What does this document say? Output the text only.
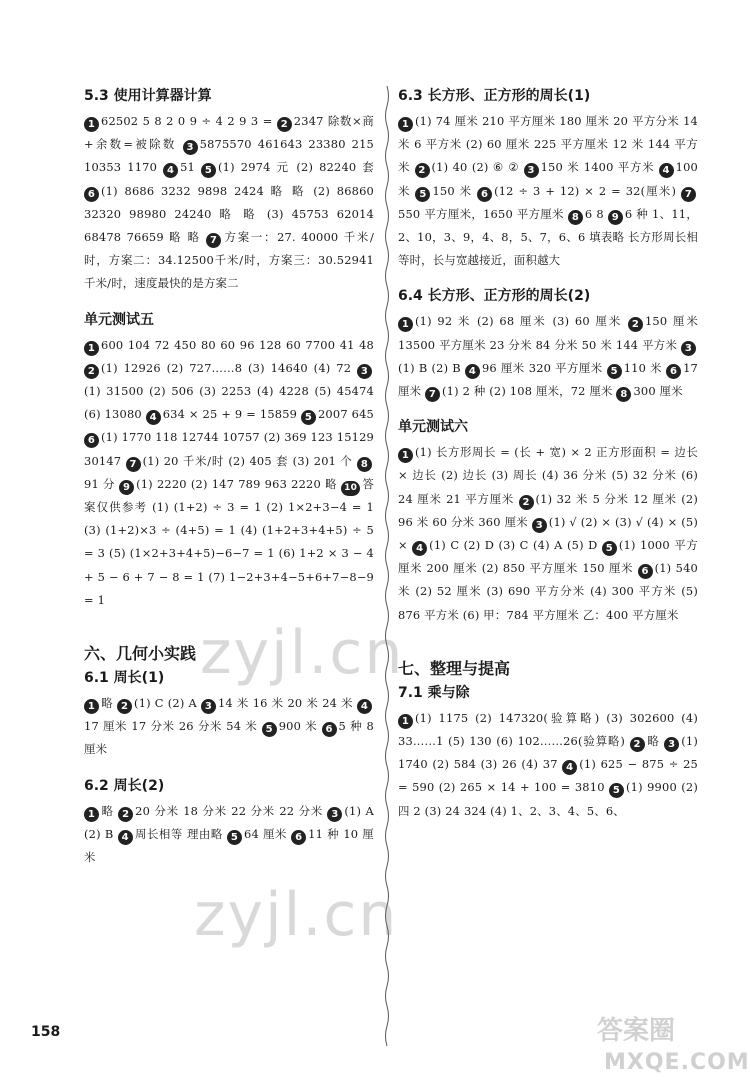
5.3 使用计算器计算
1 62502 5 8 2 0 9 ÷ 4 2 9 3 = 2 2347 除数×商+余数=被除数 3 5875570 461643 23380 215 10353 1170 4 51 5 (1) 2974 元 (2) 82240 套 6 (1) 8686 3232 9898 2424 略 略 (2) 86860 32320 98980 24240 略 略 (3) 45753 62014 68478 76659 略 略 7 方案一：27. 40000 千米/时，方案二：34.12500千米/时，方案三：30.52941 千米/时，速度最快的是方案二
单元测试五
1 600 104 72 450 80 60 96 128 60 7700 41 48 2 (1) 12926 (2) 727……8 (3) 14640 (4) 72 3(1) 31500 (2) 506 (3) 2253 (4) 4228 (5) 45474 (6) 13080 4 634 × 25 + 9 = 15859 5 2007 645 6 (1) 1770 118 12744 10757 (2) 369 123 15129 30147 7 (1) 20 千米/时 (2) 405 套 (3) 201 个 891 分 9 (1) 2220 (2) 147 789 963 2220 略 10 答案仅供参考 (1) (1+2) ÷ 3 = 1 (2) 1×2+3−4 = 1 (3) (1+2)×3 ÷ (4+5) = 1 (4) (1+2+3+4+5) ÷ 5 = 3 (5) (1×2+3+4+5)−6−7 = 1 (6) 1+2 × 3 − 4 + 5 − 6 + 7 − 8 = 1 (7) 1−2+3+4−5+6+7−8−9 = 1
六、几何小实践
6.1 周长(1)
1 略 2 (1) C (2) A 3 14 米 16 米 20 米 24 米 417 厘米 17 分米 26 分米 54 米 5 900 米 6 5 种 8 厘米
6.2 周长(2)
1 略 2 20 分米 18 分米 22 分米 22 分米 3 (1) A (2) B 4 周长相等 理由略 5 64 厘米 6 11 种 10 厘米
6.3 长方形、正方形的周长(1)
1 (1) 74 厘米 210 平方厘米 180 厘米 20 平方分米 14 米 6 平方米 (2) 60 厘米 225 平方厘米 12 米 144 平方米 2 (1) 40 (2) ⑥ ② 3 150 米 1400 平方米 4 100 米 5 150 米 6 (12 ÷ 3 + 12) × 2 = 32(厘米) 7550 平方厘米，1650 平方厘米 8 6 8 9 6 种 1、11，2、10，3、9，4、8，5、7，6、6 填表略 长方形周长相等时，长与宽越接近，面积越大
6.4 长方形、正方形的周长(2)
1 (1) 92 米 (2) 68 厘米 (3) 60 厘米 2 150 厘米 13500 平方厘米 23 分米 84 分米 50 米 144 平方米 3(1) B (2) B 4 96 厘米 320 平方厘米 5 110 米 6 17 厘米 7 (1) 2 种 (2) 108 厘米，72 厘米 8 300 厘米
单元测试六
1 (1) 长方形周长 = (长 + 宽) × 2 正方形面积 = 边长 × 边长 (2) 边长 (3) 周长 (4) 36 分米 (5) 32 分米 (6) 24 厘米 21 平方厘米 2 (1) 32 米 5 分米 12 厘米 (2) 96 米 60 分米 360 厘米 3 (1) √ (2) × (3) √ (4) × (5) × 4 (1) C (2) D (3) C (4) A (5) D 5 (1) 1000 平方厘米 200 厘米 (2) 850 平方厘米 150 厘米 6 (1) 540 米 (2) 52 厘米 (3) 690 平方分米 (4) 300 平方米 (5) 876 平方米 (6) 甲：784 平方厘米 乙：400 平方厘米
七、整理与提高
7.1 乘与除
1 (1) 1175 (2) 147320(验算略) (3) 302600 (4) 33……1 (5) 130 (6) 102……26(验算略) 2 略 3 (1) 1740 (2) 584 (3) 26 (4) 37 4 (1) 625 − 875 ÷ 25 = 590 (2) 265 × 14 + 100 = 3810 5 (1) 9900 (2) 四 2 (3) 24 324 (4) 1、2、3、4、5、6、
158
zyjl.cn
zyjl.cn
答案圈
MXQE.COM
